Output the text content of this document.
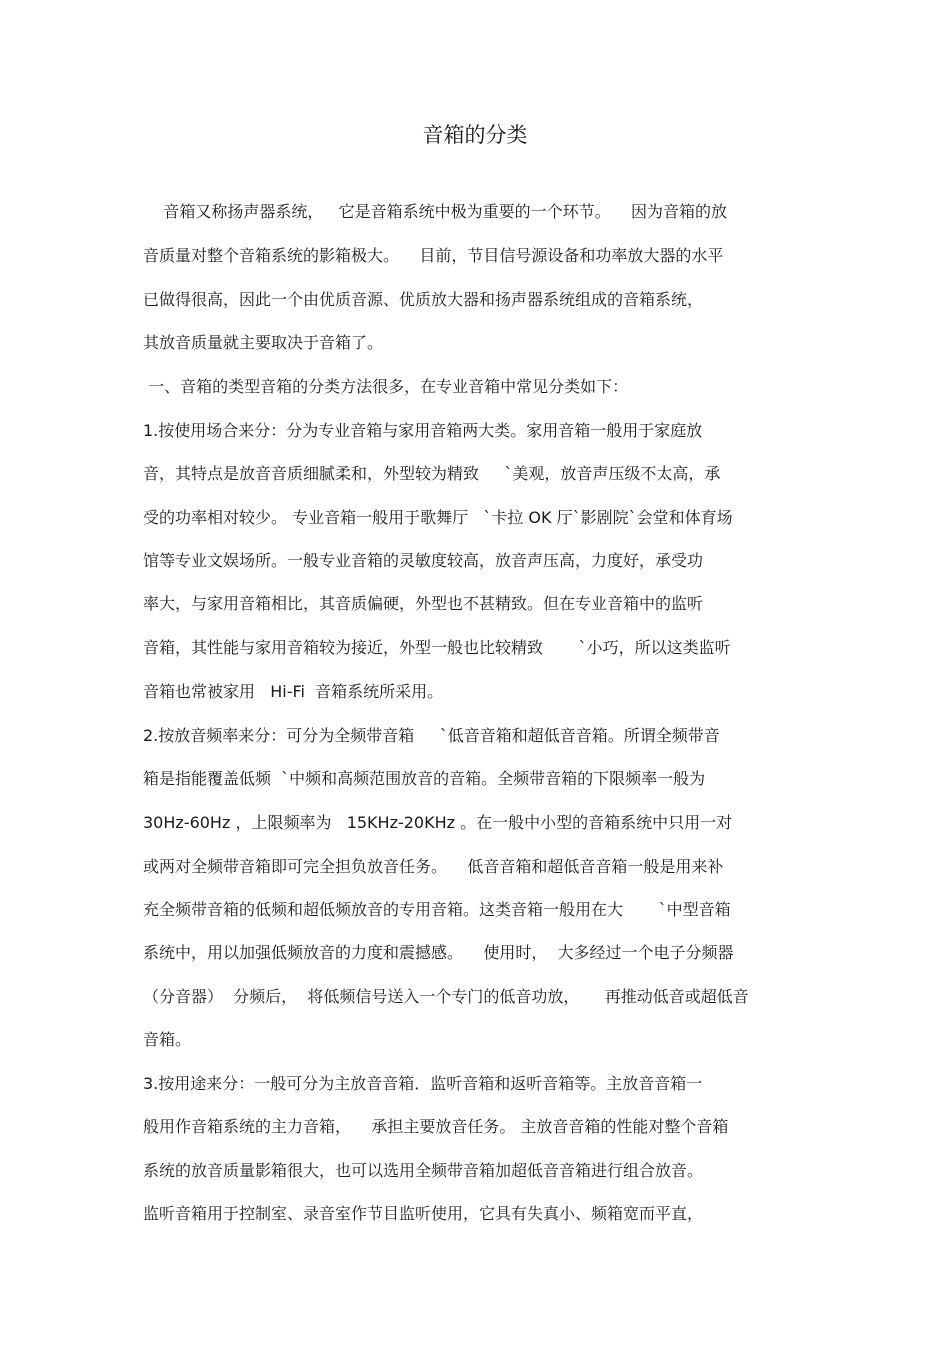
音箱的分类
音箱又称扬声器系统，   它是音箱系统中极为重要的一个环节。    因为音箱的放
音质量对整个音箱系统的影箱极大。    目前，节目信号源设备和功率放大器的水平
已做得很高，因此一个由优质音源、优质放大器和扬声器系统组成的音箱系统，
其放音质量就主要取决于音箱了。
一、音箱的类型音箱的分类方法很多，在专业音箱中常见分类如下：
1.按使用场合来分：分为专业音箱与家用音箱两大类。家用音箱一般用于家庭放
音，其特点是放音音质细腻柔和，外型较为精致     `美观，放音声压级不太高，承
受的功率相对较少。 专业音箱一般用于歌舞厅   `卡拉 OK 厅`影剧院`会堂和体育场
馆等专业文娱场所。一般专业音箱的灵敏度较高，放音声压高，力度好，承受功
率大，与家用音箱相比，其音质偏硬，外型也不甚精致。但在专业音箱中的监听
音箱，其性能与家用音箱较为接近，外型一般也比较精致       `小巧，所以这类监听
音箱也常被家用   Hi-Fi  音箱系统所采用。
2.按放音频率来分：可分为全频带音箱     `低音音箱和超低音音箱。所谓全频带音
箱是指能覆盖低频  `中频和高频范围放音的音箱。全频带音箱的下限频率一般为
30Hz-60Hz ，上限频率为   15KHz-20KHz 。在一般中小型的音箱系统中只用一对
或两对全频带音箱即可完全担负放音任务。    低音音箱和超低音音箱一般是用来补
充全频带音箱的低频和超低频放音的专用音箱。这类音箱一般用在大       `中型音箱
系统中，用以加强低频放音的力度和震撼感。    使用时，  大多经过一个电子分频器
（分音器）  分频后，  将低频信号送入一个专门的低音功放，     再推动低音或超低音
音箱。
3.按用途来分：一般可分为主放音音箱．监听音箱和返听音箱等。主放音音箱一
般用作音箱系统的主力音箱，    承担主要放音任务。 主放音音箱的性能对整个音箱
系统的放音质量影箱很大，也可以选用全频带音箱加超低音音箱进行组合放音。
监听音箱用于控制室、录音室作节目监听使用，它具有失真小、频箱宽而平直，
